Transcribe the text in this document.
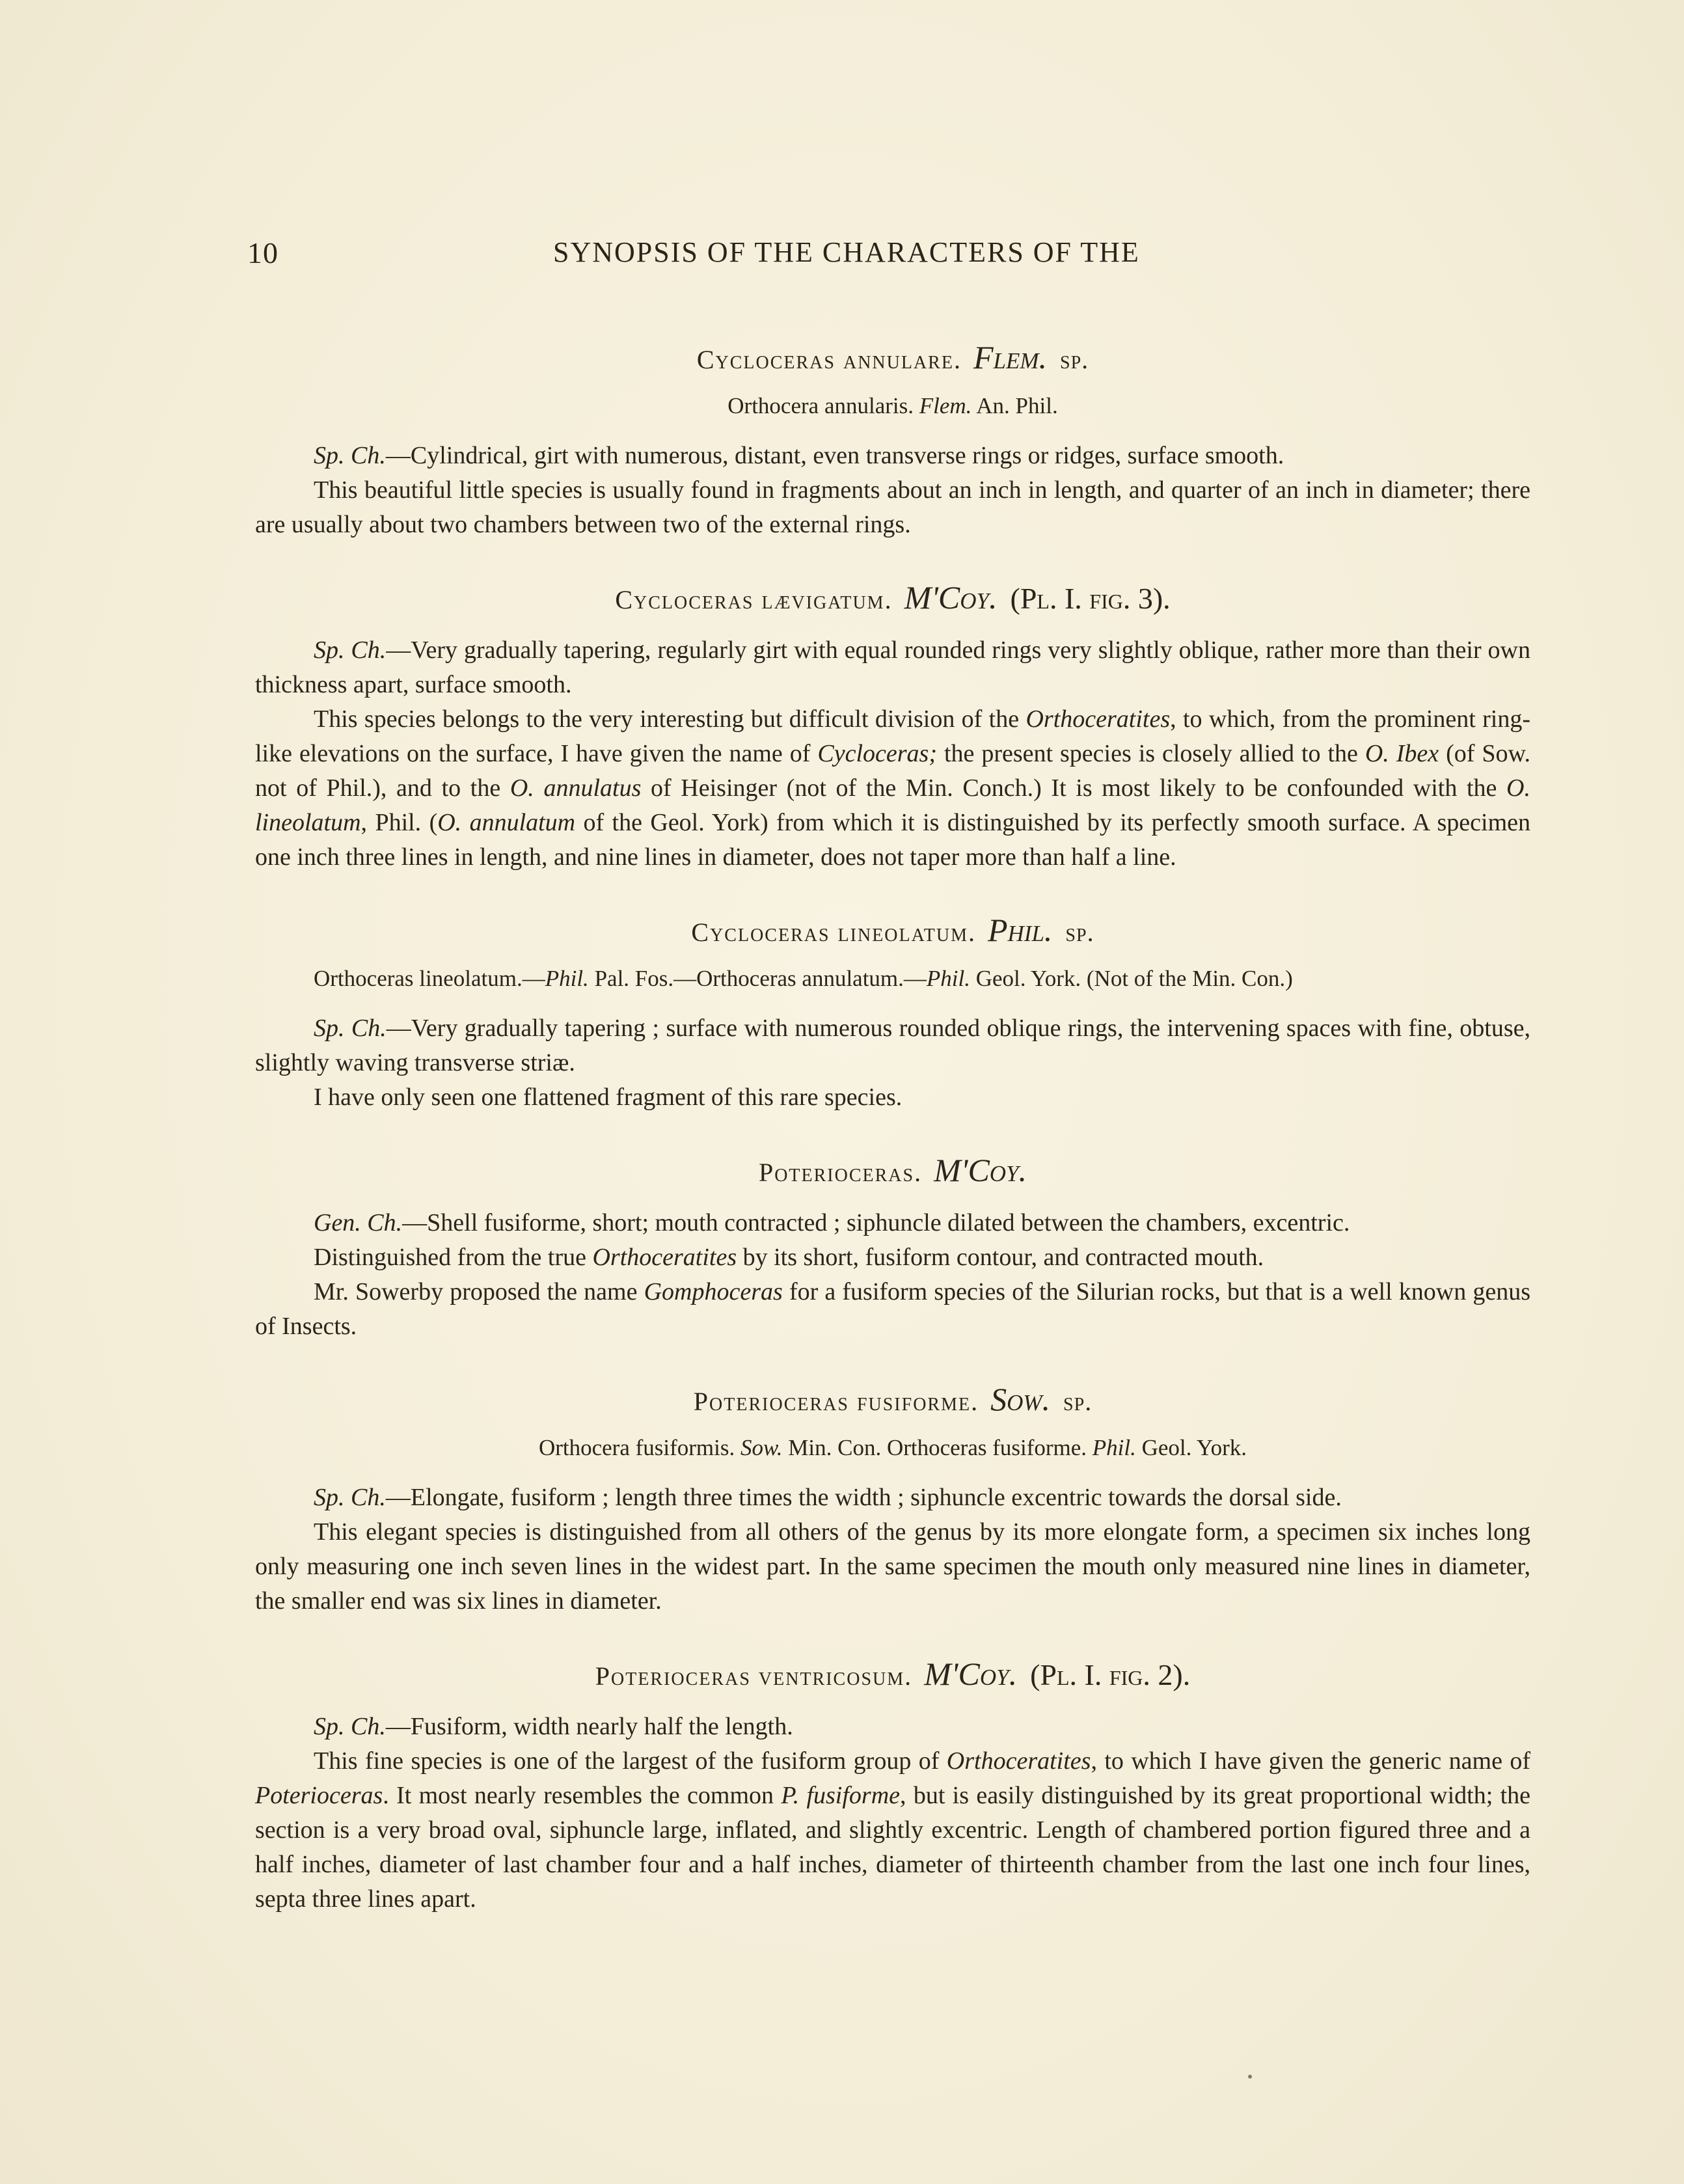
10	SYNOPSIS OF THE CHARACTERS OF THE
Cycloceras annulare. Flem. sp.

Orthocera annularis. Flem. An. Phil.

Sp. Ch.—Cylindrical, girt with numerous, distant, even transverse rings or ridges, surface smooth.

This beautiful little species is usually found in fragments about an inch in length, and quarter of an inch in diameter; there are usually about two chambers between two of the external rings.

Cycloceras lævigatum. M'Coy. (Pl. I. fig. 3).

Sp. Ch.—Very gradually tapering, regularly girt with equal rounded rings very slightly oblique, rather more than their own thickness apart, surface smooth.

This species belongs to the very interesting but difficult division of the Orthoceratites, to which, from the prominent ring-like elevations on the surface, I have given the name of Cycloceras; the present species is closely allied to the O. Ibex (of Sow. not of Phil.), and to the O. annulatus of Heisinger (not of the Min. Conch.) It is most likely to be confounded with the O. lineolatum, Phil. (O. annulatum of the Geol. York) from which it is distinguished by its perfectly smooth surface. A specimen one inch three lines in length, and nine lines in diameter, does not taper more than half a line.

Cycloceras lineolatum. Phil. sp.

Orthoceras lineolatum.—Phil. Pal. Fos.—Orthoceras annulatum.—Phil. Geol. York. (Not of the Min. Con.)

Sp. Ch.—Very gradually tapering ; surface with numerous rounded oblique rings, the intervening spaces with fine, obtuse, slightly waving transverse striæ.

I have only seen one flattened fragment of this rare species.

Poterioceras. M'Coy.

Gen. Ch.—Shell fusiforme, short; mouth contracted ; siphuncle dilated between the chambers, excentric.

Distinguished from the true Orthoceratites by its short, fusiform contour, and contracted mouth.

Mr. Sowerby proposed the name Gomphoceras for a fusiform species of the Silurian rocks, but that is a well known genus of Insects.

Poterioceras fusiforme. Sow. sp.

Orthocera fusiformis. Sow. Min. Con. Orthoceras fusiforme. Phil. Geol. York.

Sp. Ch.—Elongate, fusiform ; length three times the width ; siphuncle excentric towards the dorsal side.

This elegant species is distinguished from all others of the genus by its more elongate form, a specimen six inches long only measuring one inch seven lines in the widest part. In the same specimen the mouth only measured nine lines in diameter, the smaller end was six lines in diameter.

Poterioceras ventricosum. M'Coy. (Pl. I. fig. 2).

Sp. Ch.—Fusiform, width nearly half the length.

This fine species is one of the largest of the fusiform group of Orthoceratites, to which I have given the generic name of Poterioceras. It most nearly resembles the common P. fusiforme, but is easily distinguished by its great proportional width; the section is a very broad oval, siphuncle large, inflated, and slightly excentric. Length of chambered portion figured three and a half inches, diameter of last chamber four and a half inches, diameter of thirteenth chamber from the last one inch four lines, septa three lines apart.
